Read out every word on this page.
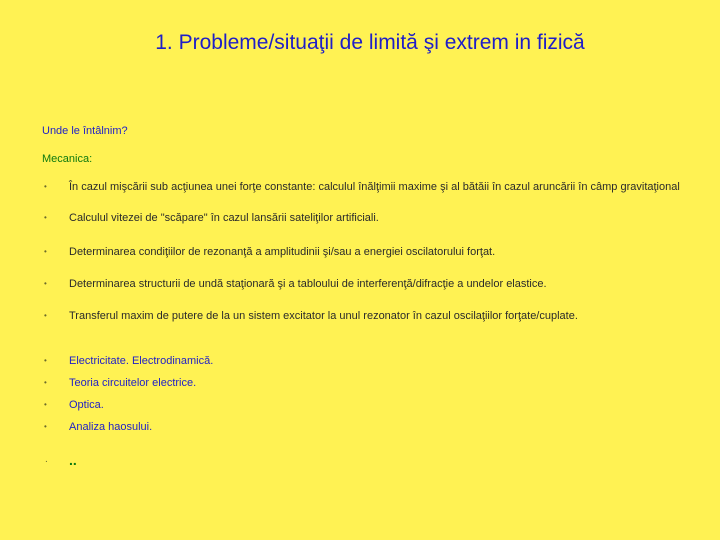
1. Probleme/situaţii de limită şi extrem in fizică
Unde le întâlnim?
Mecanica:
• În cazul mişcării sub acţiunea unei forţe constante: calculul înălţimii maxime şi al bătăii în cazul aruncării în câmp gravitaţional
• Calculul vitezei de "scăpare" în cazul lansării sateliţilor artificiali.
• Determinarea condiţiilor de rezonanţă a amplitudinii şi/sau a energiei oscilatorului forţat.
• Determinarea structurii de undă staţionară şi a tabloului de interferenţă/difracţie a undelor elastice.
• Transferul maxim de putere de la un sistem excitator la unul rezonator în cazul oscilaţiilor forţate/cuplate.
• Electricitate. Electrodinamică.
• Teoria circuitelor electrice.
• Optica.
• Analiza haosului.
. ..
